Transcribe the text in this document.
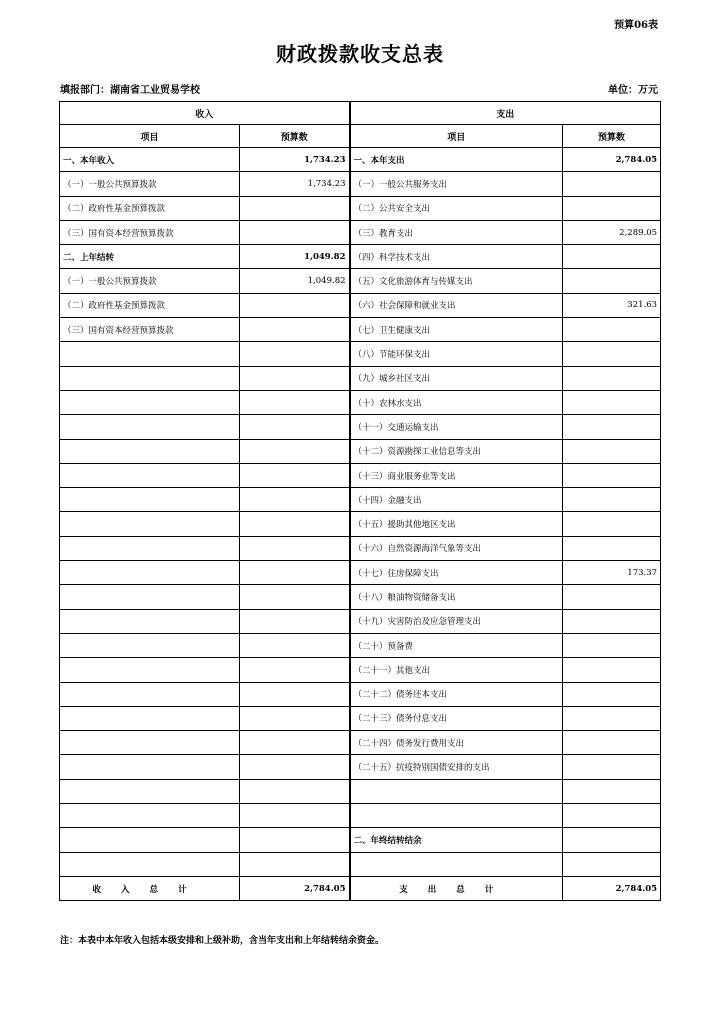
预算06表
财政拨款收支总表
填报部门：湖南省工业贸易学校	单位：万元
收入		支出	
项目	预算数	项目	预算数
一、本年收入	1,734.23	一、本年支出	2,784.05
（一）一般公共预算拨款	1,734.23	（一）一般公共服务支出	
（二）政府性基金预算拨款		（二）公共安全支出	
（三）国有资本经营预算拨款		（三）教育支出	2,289.05
二、上年结转	1,049.82	（四）科学技术支出	
（一）一般公共预算拨款	1,049.82	（五）文化旅游体育与传媒支出	
（二）政府性基金预算拨款		（六）社会保障和就业支出	321.63
（三）国有资本经营预算拨款		（七）卫生健康支出	
		（八）节能环保支出	
		（九）城乡社区支出	
		（十）农林水支出	
		（十一）交通运输支出	
		（十二）资源勘探工业信息等支出	
		（十三）商业服务业等支出	
		（十四）金融支出	
		（十五）援助其他地区支出	
		（十六）自然资源海洋气象等支出	
		（十七）住房保障支出	173.37
		（十八）粮油物资储备支出	
		（十九）灾害防治及应急管理支出	
		（二十）预备费	
		（二十一）其他支出	
		（二十二）债务还本支出	
		（二十三）债务付息支出	
		（二十四）债务发行费用支出	
		（二十五）抗疫特别国债安排的支出	

		二、年终结转结余	

收入总计	2,784.05	支出总计	2,784.05
注：本表中本年收入包括本级安排和上级补助，含当年支出和上年结转结余资金。
